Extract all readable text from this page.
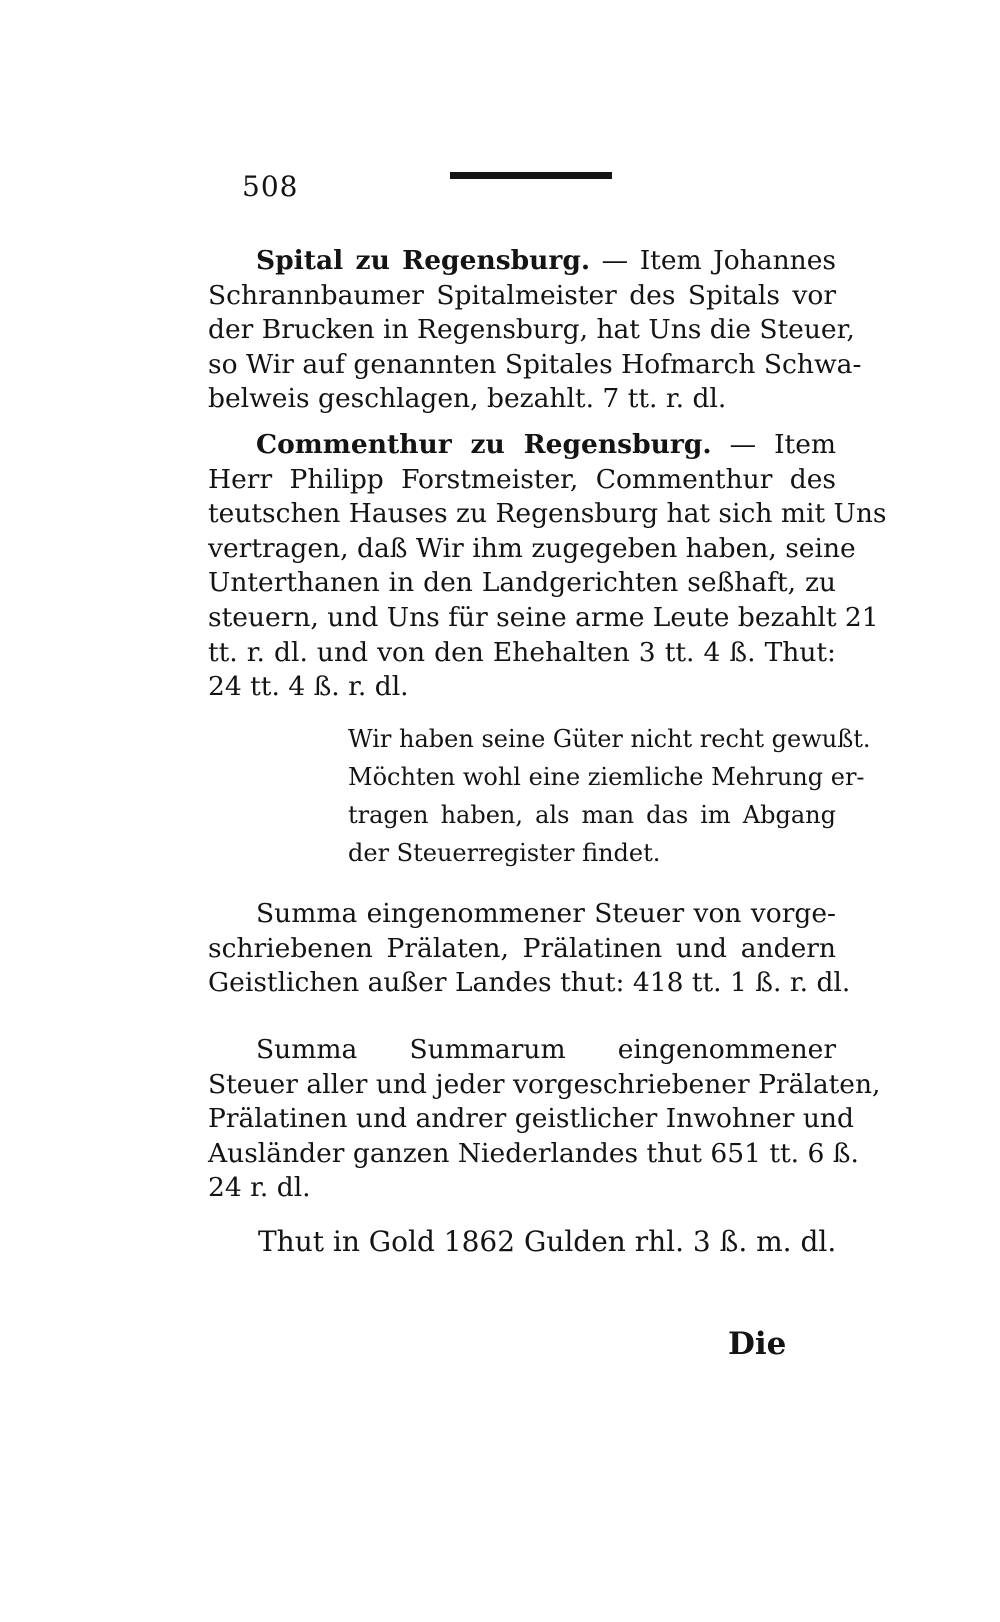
508
Spital zu Regensburg. — Item Johannes
Schrannbaumer Spitalmeister des Spitals vor
der Brucken in Regensburg, hat Uns die Steuer,
so Wir auf genannten Spitales Hofmarch Schwa-
belweis geschlagen, bezahlt. 7 tt. r. dl.
Commenthur zu Regensburg. — Item
Herr Philipp Forstmeister, Commenthur des
teutschen Hauses zu Regensburg hat sich mit Uns
vertragen, daß Wir ihm zugegeben haben, seine
Unterthanen in den Landgerichten seßhaft, zu
steuern, und Uns für seine arme Leute bezahlt 21
tt. r. dl. und von den Ehehalten 3 tt. 4 ß. Thut:
24 tt. 4 ß. r. dl.
Wir haben seine Güter nicht recht gewußt.
Möchten wohl eine ziemliche Mehrung er-
tragen haben, als man das im Abgang
der Steuerregister findet.
Summa eingenommener Steuer von vorge-
schriebenen Prälaten, Prälatinen und andern
Geistlichen außer Landes thut: 418 tt. 1 ß. r. dl.
Summa Summarum eingenommener
Steuer aller und jeder vorgeschriebener Prälaten,
Prälatinen und andrer geistlicher Inwohner und
Ausländer ganzen Niederlandes thut 651 tt. 6 ß.
24 r. dl.
Thut in Gold 1862 Gulden rhl. 3 ß. m. dl.
Die
